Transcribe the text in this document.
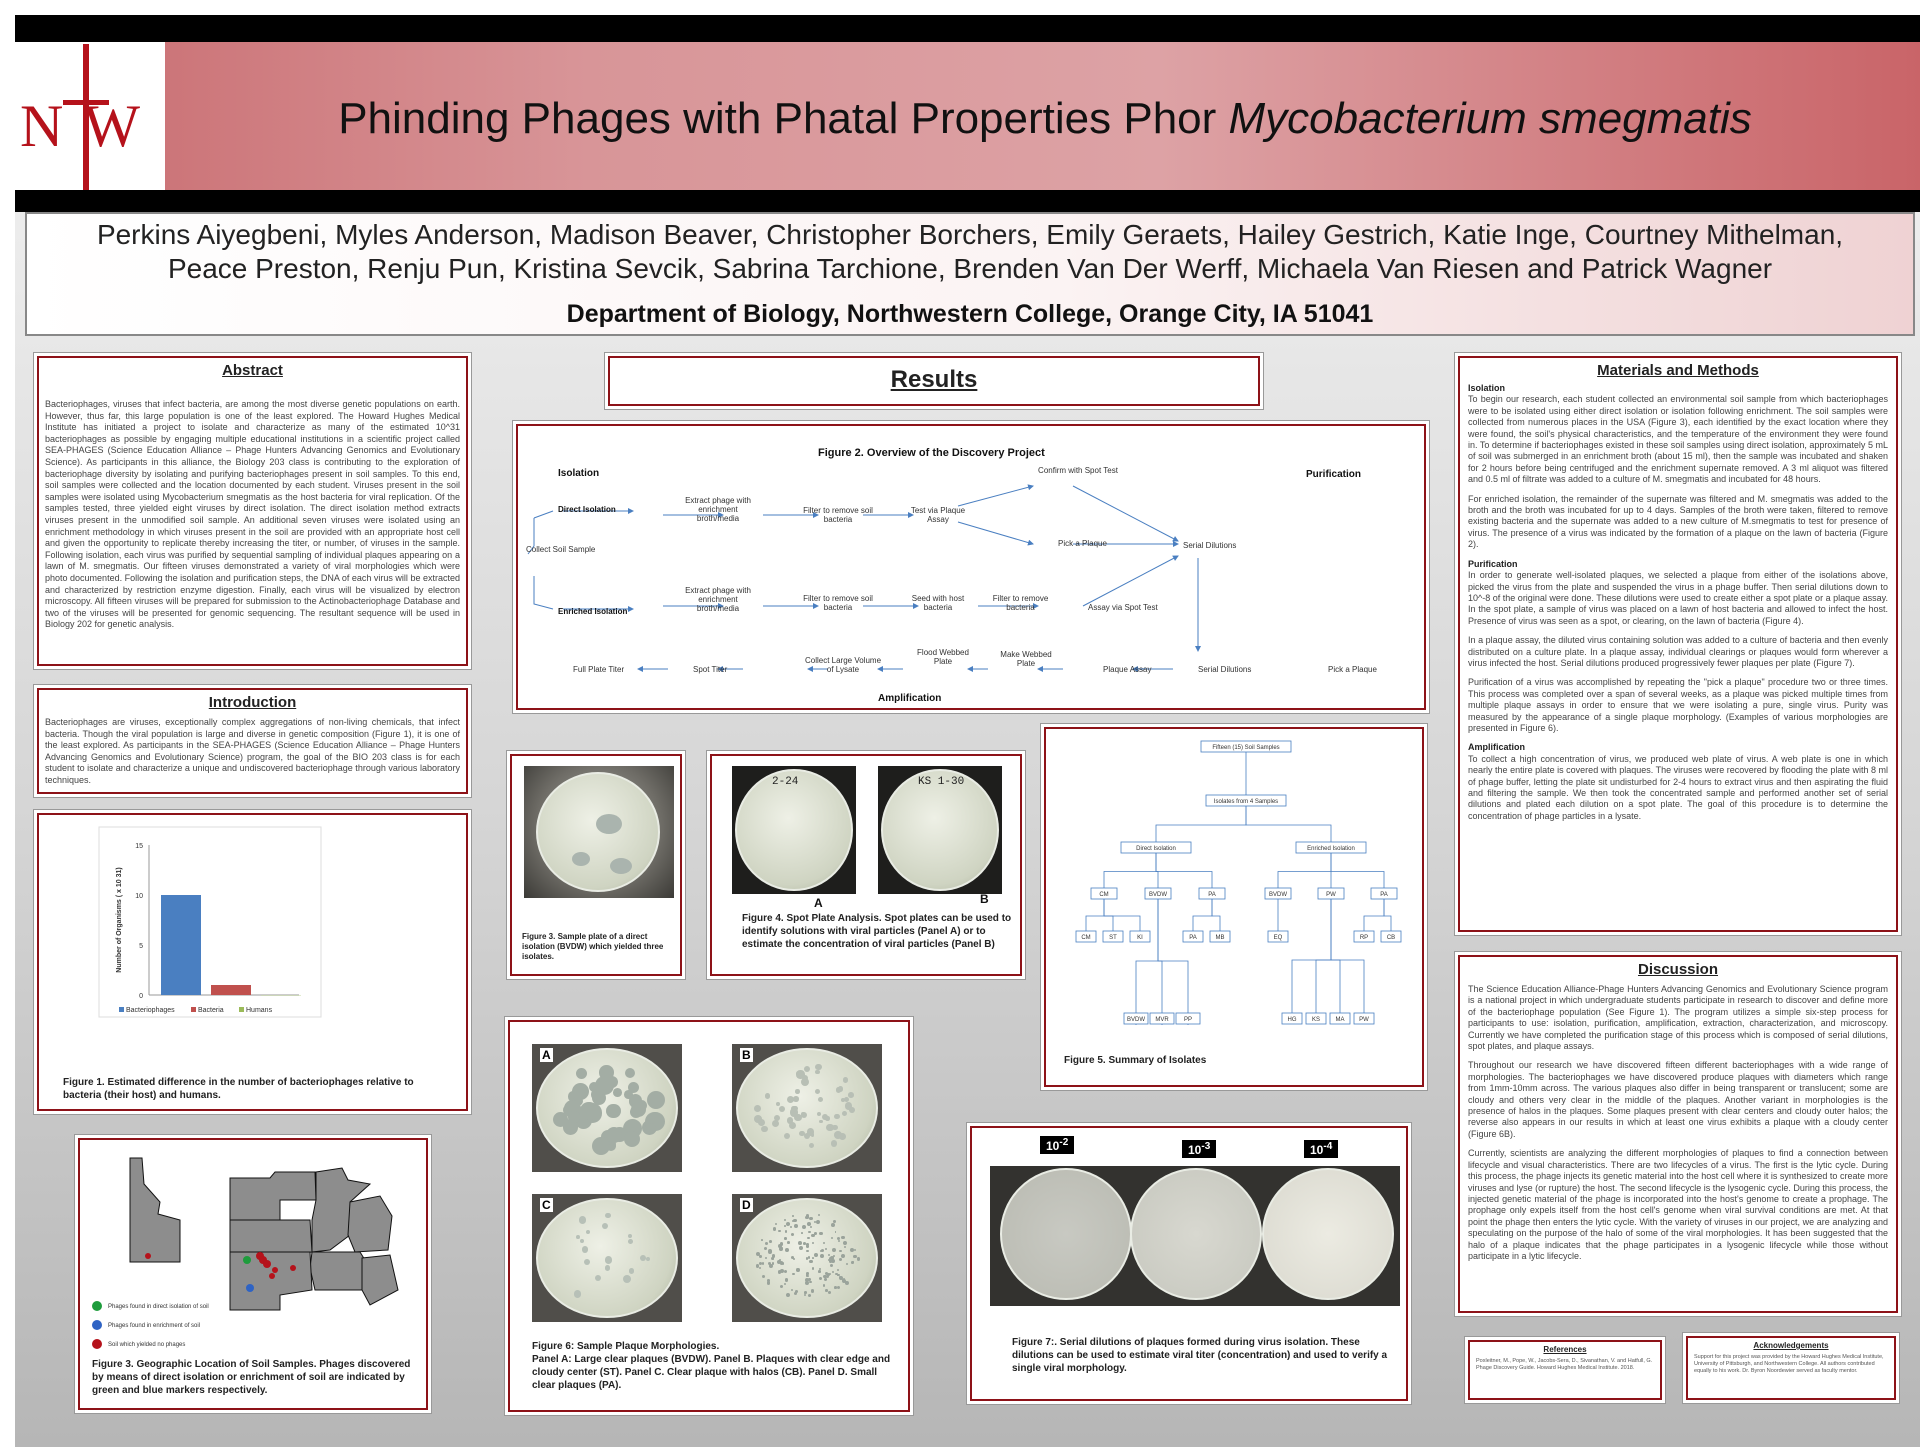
NW	Phinding Phages with Phatal Properties Phor Mycobacterium smegmatis
Perkins Aiyegbeni, Myles Anderson, Madison Beaver, Christopher Borchers, Emily Geraets, Hailey Gestrich, Katie Inge, Courtney Mithelman,
Peace Preston, Renju Pun, Kristina Sevcik, Sabrina Tarchione, Brenden Van Der Werff, Michaela Van Riesen and Patrick Wagner
Department of Biology, Northwestern College, Orange City, IA 51041
Abstract
Bacteriophages, viruses that infect bacteria, are among the most diverse genetic populations on earth. However, thus far, this large population is one of the least explored. The Howard Hughes Medical Institute has initiated a project to isolate and characterize as many of the estimated 10^31 bacteriophages as possible by engaging multiple educational institutions in a scientific project called SEA-PHAGES (Science Education Alliance – Phage Hunters Advancing Genomics and Evolutionary Science). As participants in this alliance, the Biology 203 class is contributing to the exploration of bacteriophage diversity by isolating and purifying bacteriophages present in soil samples. To this end, soil samples were collected and the location documented by each student. Viruses present in the soil samples were isolated using Mycobacterium smegmatis as the host bacteria for viral replication. Of the samples tested, three yielded eight viruses by direct isolation. The direct isolation method extracts viruses present in the unmodified soil sample. An additional seven viruses were isolated using an enrichment methodology in which viruses present in the soil are provided with an appropriate host cell and given the opportunity to replicate thereby increasing the titer, or number, of viruses in the sample. Following isolation, each virus was purified by sequential sampling of individual plaques appearing on a lawn of M. smegmatis. Our fifteen viruses demonstrated a variety of viral morphologies which were photo documented. Following the isolation and purification steps, the DNA of each virus will be extracted and characterized by restriction enzyme digestion. Finally, each virus will be visualized by electron microscopy. All fifteen viruses will be prepared for submission to the Actinobacteriophage Database and two of the viruses will be presented for genomic sequencing. The resultant sequence will be used in Biology 202 for genetic analysis.
Introduction
Bacteriophages are viruses, exceptionally complex aggregations of non-living chemicals, that infect bacteria. Though the viral population is large and diverse in genetic composition (Figure 1), it is one of the least explored. As participants in the SEA-PHAGES (Science Education Alliance – Phage Hunters Advancing Genomics and Evolutionary Science) program, the goal of the BIO 203 class is for each student to isolate and characterize a unique and undiscovered bacteriophage through various laboratory techniques.
0
5
10
15
Number of Organisms ( x 10 31)
Bacteriophages	Bacteria	Humans
Figure 1. Estimated difference in the number of bacteriophages relative to bacteria (their host) and humans.
Phages found in direct isolation of soil
Phages found in enrichment of soil
Soil which yielded no phages
Figure 3. Geographic Location of Soil Samples. Phages discovered by means of direct isolation or enrichment of soil are indicated by green and blue markers respectively.
Results
Figure 2. Overview of the Discovery Project
Isolation	Purification
Amplification
Direct Isolation
Enriched Isolation
Collect Soil Sample
Extract phage with enrichment broth/media
Filter to remove soil bacteria
Test via Plaque Assay
Confirm with Spot Test
Pick a Plaque	Serial Dilutions
Extract phage with enrichment broth/media
Filter to remove soil bacteria
Seed with host bacteria
Filter to remove bacteria	Assay via Spot Test
Pick a Plaque
Serial Dilutions
Plaque Assay
Make Webbed Plate
Flood Webbed Plate
Collect Large Volume of Lysate
Spot Titer
Full Plate Titer
Figure 3. Sample plate of a direct isolation (BVDW) which yielded three isolates.
2-24	KS 1-30
A	B
Figure 4. Spot Plate Analysis. Spot plates can be used to identify solutions with viral particles (Panel A) or to estimate the concentration of viral particles (Panel B)
Fifteen (15) Soil Samples
Isolates from 4 Samples
Direct Isolation	Enriched Isolation
CM	BVDW	PA	BVDW	PW	PA
CM	ST	KI	PA	MB
BVDW MVR	PP
EQ	RP	CB
HG	KS	MA PW
Figure 5. Summary of Isolates
A	B
C	D
Figure 6: Sample Plaque Morphologies.
Panel A: Large clear plaques (BVDW). Panel B. Plaques with clear edge and cloudy center (ST). Panel C. Clear plaque with halos (CB). Panel D. Small clear plaques (PA).
$10^{-2}$
$10^{-3}$	$10^{-4}$
Figure 7:. Serial dilutions of plaques formed during virus isolation. These dilutions can be used to estimate viral titer (concentration) and used to verify a single viral morphology.
Materials and Methods
Isolation
To begin our research, each student collected an environmental soil sample from which bacteriophages were to be isolated using either direct isolation or isolation following enrichment. The soil samples were collected from numerous places in the USA (Figure 3), each identified by the exact location where they were found, the soil's physical characteristics, and the temperature of the environment they were found in. To determine if bacteriophages existed in these soil samples using direct isolation, approximately 5 mL of soil was submerged in an enrichment broth (about 15 ml), then the sample was incubated and shaken for 2 hours before being centrifuged and the enrichment supernate removed. A 3 ml aliquot was filtered and 0.5 ml of filtrate was added to a culture of M. smegmatis and incubated for 48 hours.
For enriched isolation, the remainder of the supernate was filtered and M. smegmatis was added to the broth and the broth was incubated for up to 4 days. Samples of the broth were taken, filtered to remove existing bacteria and the supernate was added to a new culture of M.smegmatis to test for presence of virus. The presence of a virus was indicated by the formation of a plaque on the lawn of bacteria (Figure 2).
Purification
In order to generate well-isolated plaques, we selected a plaque from either of the isolations above, picked the virus from the plate and suspended the virus in a phage buffer. Then serial dilutions down to 10^-8 of the original were done. These dilutions were used to create either a spot plate or a plaque assay. In the spot plate, a sample of virus was placed on a lawn of host bacteria and allowed to infect the host. Presence of virus was seen as a spot, or clearing, on the lawn of bacteria (Figure 4).
In a plaque assay, the diluted virus containing solution was added to a culture of bacteria and then evenly distributed on a culture plate. In a plaque assay, individual clearings or plaques would form wherever a virus infected the host. Serial dilutions produced progressively fewer plaques per plate (Figure 7).
Purification of a virus was accomplished by repeating the "pick a plaque" procedure two or three times. This process was completed over a span of several weeks, as a plaque was picked multiple times from multiple plaque assays in order to ensure that we were isolating a pure, single virus. Purity was measured by the appearance of a single plaque morphology. (Examples of various morphologies are presented in Figure 6).
Amplification
To collect a high concentration of virus, we produced web plate of virus. A web plate is one in which nearly the entire plate is covered with plaques. The viruses were recovered by flooding the plate with 8 ml of phage buffer, letting the plate sit undisturbed for 2-4 hours to extract virus and then aspirating the fluid and filtering the sample. We then took the concentrated sample and performed another set of serial dilutions and plated each dilution on a spot plate. The goal of this procedure is to determine the concentration of phage particles in a lysate.
Discussion
The Science Education Alliance-Phage Hunters Advancing Genomics and Evolutionary Science program is a national project in which undergraduate students participate in research to discover and define more of the bacteriophage population (See Figure 1). The program utilizes a simple six-step process for participants to use: isolation, purification, amplification, extraction, characterization, and microscopy. Currently we have completed the purification stage of this process which is composed of serial dilutions, spot plates, and plaque assays.
Throughout our research we have discovered fifteen different bacteriophages with a wide range of morphologies. The bacteriophages we have discovered produce plaques with diameters which range from 1mm-10mm across. The various plaques also differ in being transparent or translucent; some are cloudy and others very clear in the middle of the plaques. Another variant in morphologies is the presence of halos in the plaques. Some plaques present with clear centers and cloudy outer halos; the reverse also appears in our results in which at least one virus exhibits a plaque with a cloudy center (Figure 6B).
Currently, scientists are analyzing the different morphologies of plaques to find a connection between lifecycle and visual characteristics. There are two lifecycles of a virus. The first is the lytic cycle. During this process, the phage injects its genetic material into the host cell where it is synthesized to create more viruses and lyse (or rupture) the host. The second lifecycle is the lysogenic cycle. During this process, the injected genetic material of the phage is incorporated into the host's genome to create a prophage. The prophage only expels itself from the host cell's genome when viral survival conditions are met. At that point the phage then enters the lytic cycle. With the variety of viruses in our project, we are analyzing and speculating on the purpose of the halo of some of the viral morphologies. It has been suggested that the halo of a plaque indicates that the phage participates in a lysogenic lifecycle while those without participate in a lytic lifecycle.
References
Poxleitner, M., Pope, W., Jacobs-Sera, D., Sivanathan, V. and Hatfull, G. Phage Discovery Guide. Howard Hughes Medical Institute. 2018.
Acknowledgements
Support for this project was provided by the Howard Hughes Medical Institute, University of Pittsburgh, and Northwestern College. All authors contributed equally to his work. Dr. Byron Noordewier served as faculty mentor.
